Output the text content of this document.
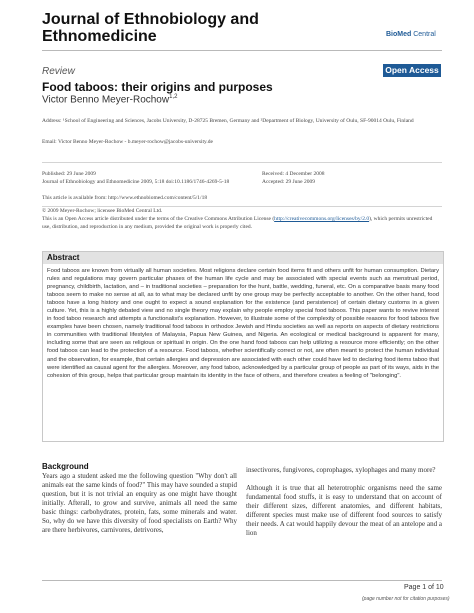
Journal of Ethnobiology and
Ethnomedicine	BioMed Central
Review	Open Access
Food taboos: their origins and purposes
Victor Benno Meyer-Rochow$^{1,2}$
Address: ¹School of Engineering and Sciences, Jacobs University, D-28725 Bremen, Germany and ²Department of Biology, University of Oulu, SF-90014 Oulu, Finland
Email: Victor Benno Meyer-Rochow - b.meyer-rochow@jacobs-university.de
Published: 29 June 2009
Journal of Ethnobiology and Ethnomedicine 2009, 5:18 doi:10.1186/1746-4269-5-18
Received: 4 December 2008
Accepted: 29 June 2009
This article is available from: http://www.ethnobiomed.com/content/5/1/18
© 2009 Meyer-Rochow; licensee BioMed Central Ltd.
This is an Open Access article distributed under the terms of the Creative Commons Attribution License (http://creativecommons.org/licenses/by/2.0), which permits unrestricted use, distribution, and reproduction in any medium, provided the original work is properly cited.
Abstract
Food taboos are known from virtually all human societies. Most religions declare certain food items fit and others unfit for human consumption. Dietary rules and regulations may govern particular phases of the human life cycle and may be associated with special events such as menstrual period, pregnancy, childbirth, lactation, and – in traditional societies – preparation for the hunt, battle, wedding, funeral, etc. On a comparative basis many food taboos seem to make no sense at all, as to what may be declared unfit by one group may be perfectly acceptable to another. On the other hand, food taboos have a long history and one ought to expect a sound explanation for the existence (and persistence) of certain dietary customs in a given culture. Yet, this is a highly debated view and no single theory may explain why people employ special food taboos. This paper wants to revive interest in food taboo research and attempts a functionalist's explanation. However, to illustrate some of the complexity of possible reasons for food taboos five examples have been chosen, namely traditional food taboos in orthodox Jewish and Hindu societies as well as reports on aspects of dietary restrictions in communities with traditional lifestyles of Malaysia, Papua New Guinea, and Nigeria. An ecological or medical background is apparent for many, including some that are seen as religious or spiritual in origin. On the one hand food taboos can help utilizing a resource more efficiently; on the other food taboos can lead to the protection of a resource. Food taboos, whether scientifically correct or not, are often meant to protect the human individual and the observation, for example, that certain allergies and depression are associated with each other could have led to declaring food items taboo that were identified as causal agent for the allergies. Moreover, any food taboo, acknowledged by a particular group of people as part of its ways, aids in the cohesion of this group, helps that particular group maintain its identity in the face of others, and therefore creates a feeling of "belonging".
Background

Years ago a student asked me the following question "Why don't all animals eat the same kinds of food?" This may have sounded a stupid question, but it is not trivial an enquiry as one might have thought initially. Afterall, to grow and survive, animals all need the same basic things: carbohydrates, protein, fats, some minerals and water. So, why do we have this diversity of food specialists on Earth? Why are there herbivores, carnivores, detrivores,

insectivores, fungivores, coprophages, xylophages and many more?

Although it is true that all heterotrophic organisms need the same fundamental food stuffs, it is easy to understand that on account of their different sizes, different anatomies, and different habitats, different species must make use of different food sources to satisfy their needs. A cat would happily devour the meat of an antelope and a lion

Page 1 of 10
(page number not for citation purposes)
